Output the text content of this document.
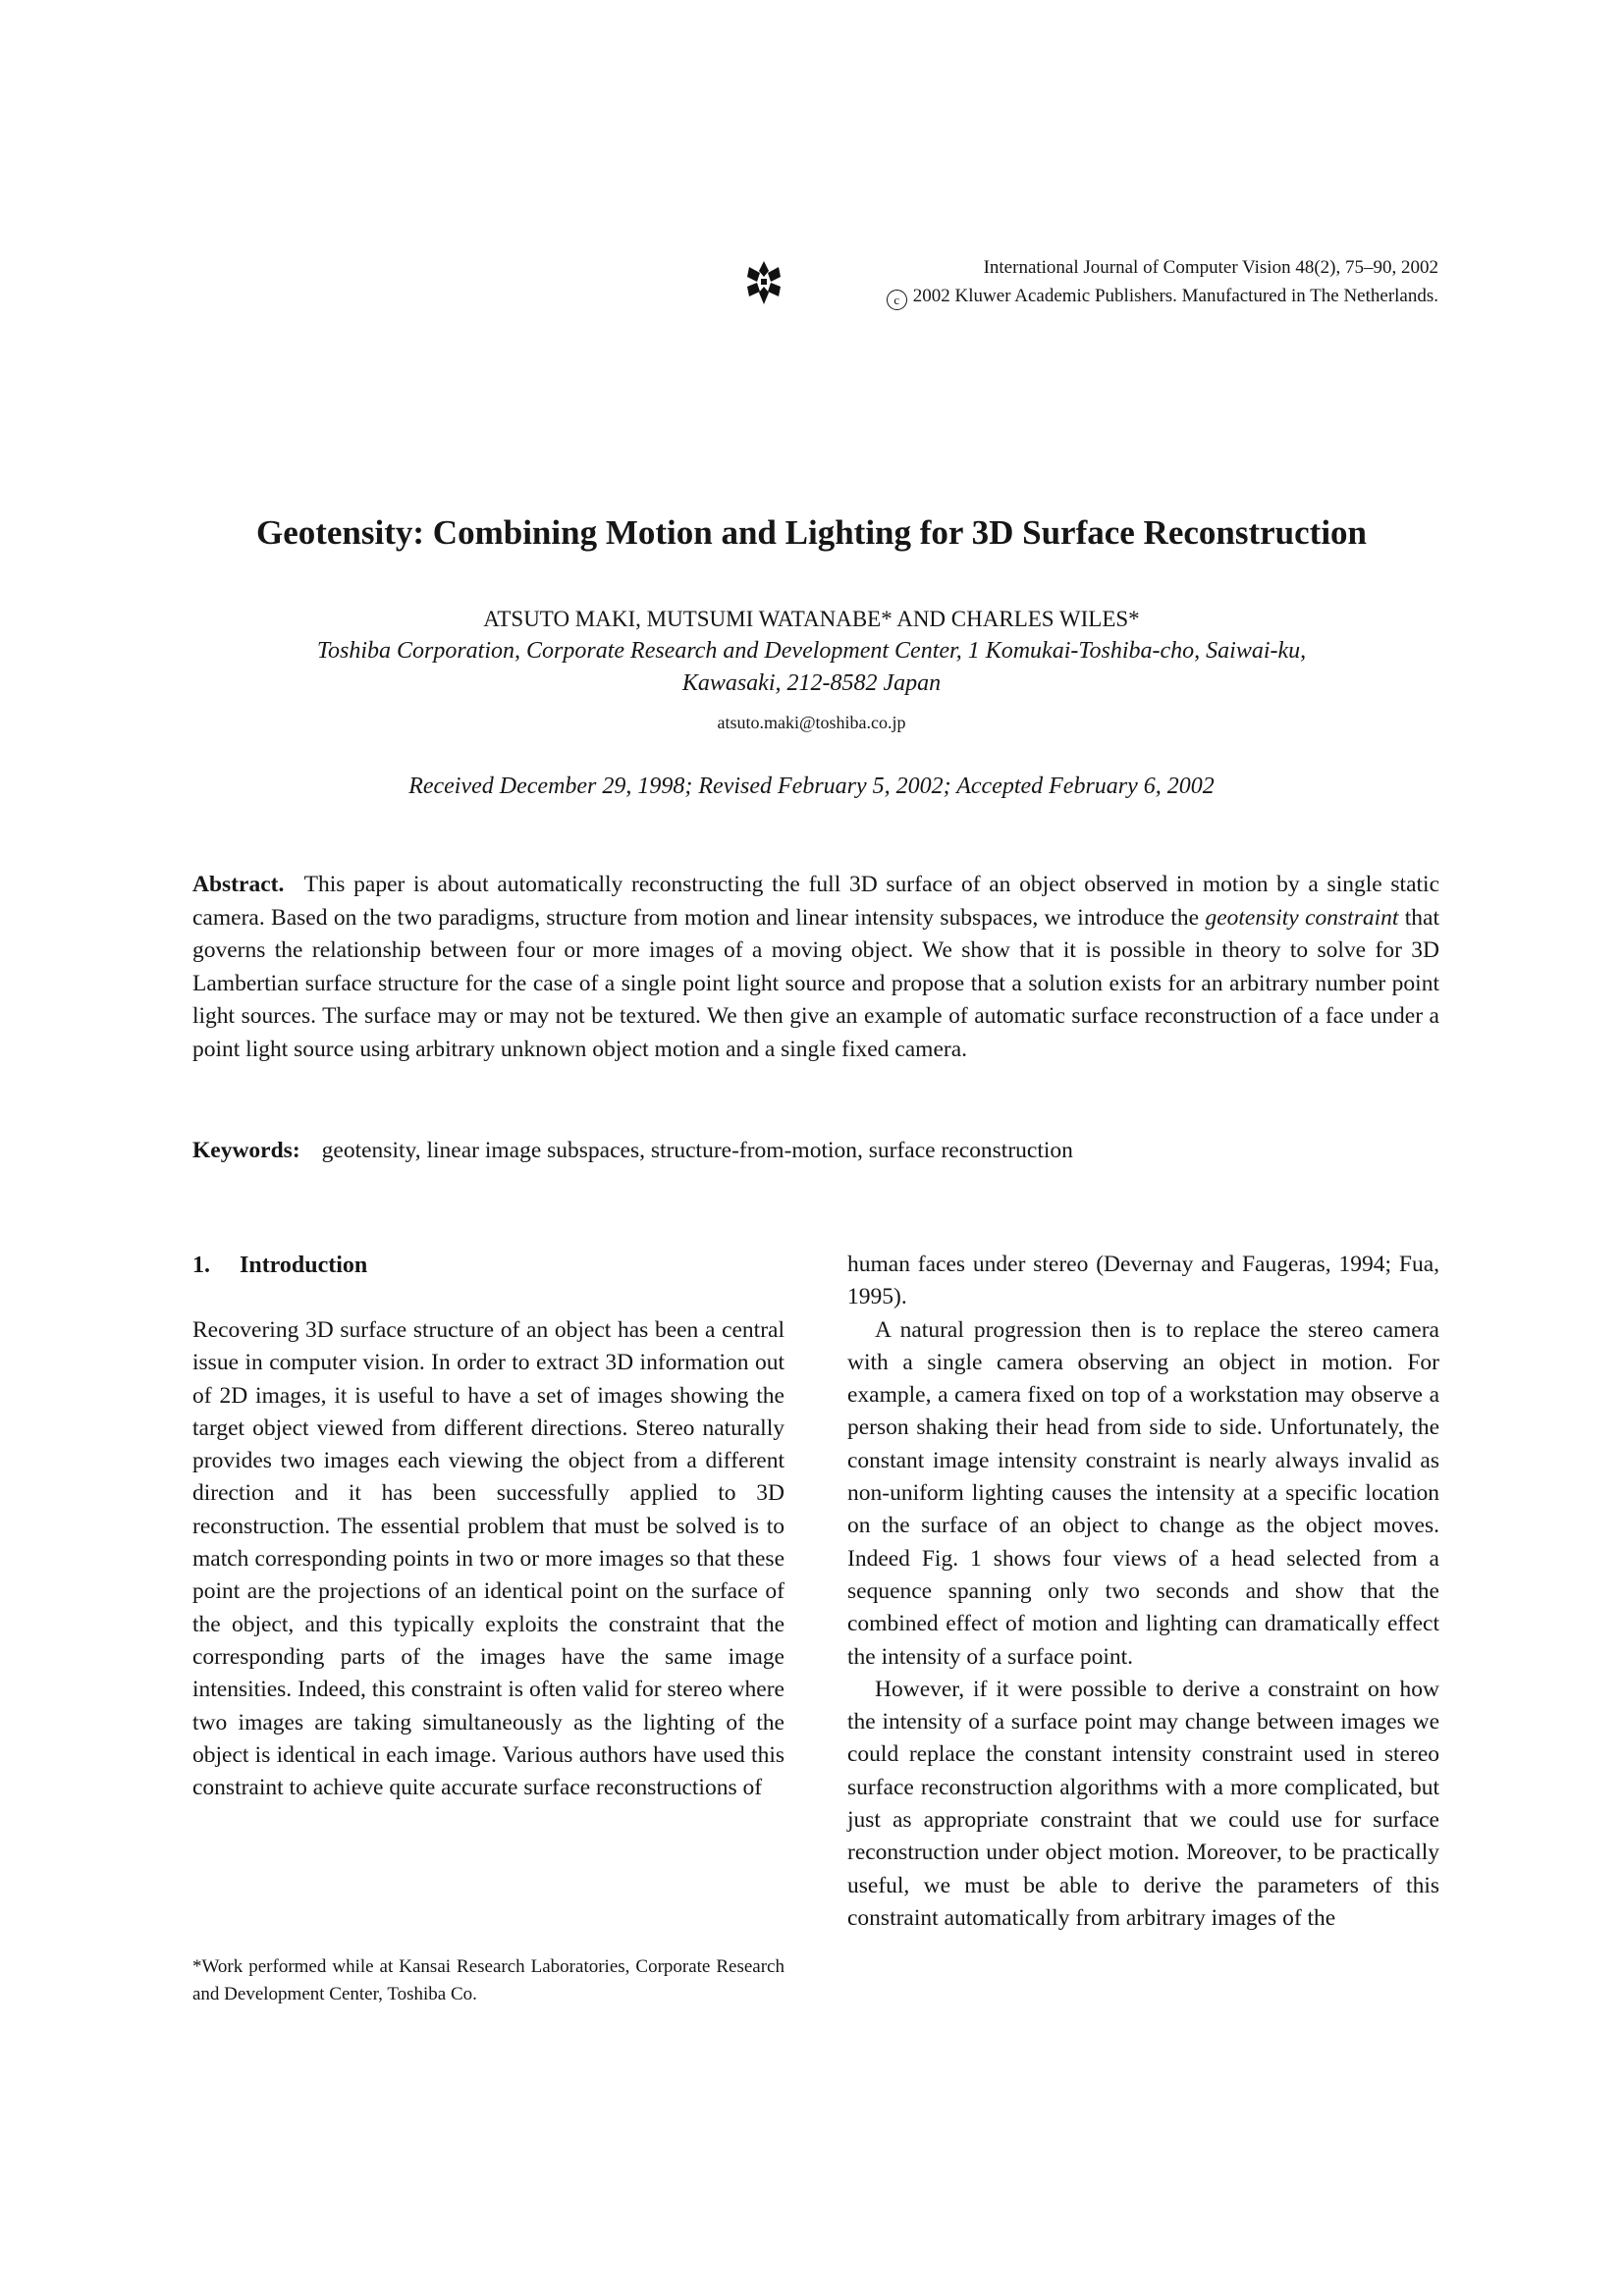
International Journal of Computer Vision 48(2), 75–90, 2002
c 2002 Kluwer Academic Publishers. Manufactured in The Netherlands.
Geotensity: Combining Motion and Lighting for 3D Surface Reconstruction
ATSUTO MAKI, MUTSUMI WATANABE* AND CHARLES WILES*
Toshiba Corporation, Corporate Research and Development Center, 1 Komukai-Toshiba-cho, Saiwai-ku,
Kawasaki, 212-8582 Japan
atsuto.maki@toshiba.co.jp
Received December 29, 1998; Revised February 5, 2002; Accepted February 6, 2002
Abstract. This paper is about automatically reconstructing the full 3D surface of an object observed in motion by a single static camera. Based on the two paradigms, structure from motion and linear intensity subspaces, we introduce the geotensity constraint that governs the relationship between four or more images of a moving object. We show that it is possible in theory to solve for 3D Lambertian surface structure for the case of a single point light source and propose that a solution exists for an arbitrary number point light sources. The surface may or may not be textured. We then give an example of automatic surface reconstruction of a face under a point light source using arbitrary unknown object motion and a single fixed camera.
Keywords: geotensity, linear image subspaces, structure-from-motion, surface reconstruction
1. Introduction

Recovering 3D surface structure of an object has been a central issue in computer vision. In order to extract 3D information out of 2D images, it is useful to have a set of images showing the target object viewed from different directions. Stereo naturally provides two images each viewing the object from a different direction and it has been successfully applied to 3D reconstruction. The essential problem that must be solved is to match corresponding points in two or more images so that these point are the projections of an identical point on the surface of the object, and this typically exploits the constraint that the corresponding parts of the images have the same image intensities. Indeed, this constraint is often valid for stereo where two images are taking simultaneously as the lighting of the object is identical in each image. Various authors have used this constraint to achieve quite accurate surface reconstructions of

human faces under stereo (Devernay and Faugeras, 1994; Fua, 1995).

A natural progression then is to replace the stereo camera with a single camera observing an object in motion. For example, a camera fixed on top of a workstation may observe a person shaking their head from side to side. Unfortunately, the constant image intensity constraint is nearly always invalid as non-uniform lighting causes the intensity at a specific location on the surface of an object to change as the object moves. Indeed Fig. 1 shows four views of a head selected from a sequence spanning only two seconds and show that the combined effect of motion and lighting can dramatically effect the intensity of a surface point.

However, if it were possible to derive a constraint on how the intensity of a surface point may change between images we could replace the constant intensity constraint used in stereo surface reconstruction algorithms with a more complicated, but just as appropriate constraint that we could use for surface reconstruction under object motion. Moreover, to be practically useful, we must be able to derive the parameters of this constraint automatically from arbitrary images of the

*Work performed while at Kansai Research Laboratories, Corporate Research and Development Center, Toshiba Co.
